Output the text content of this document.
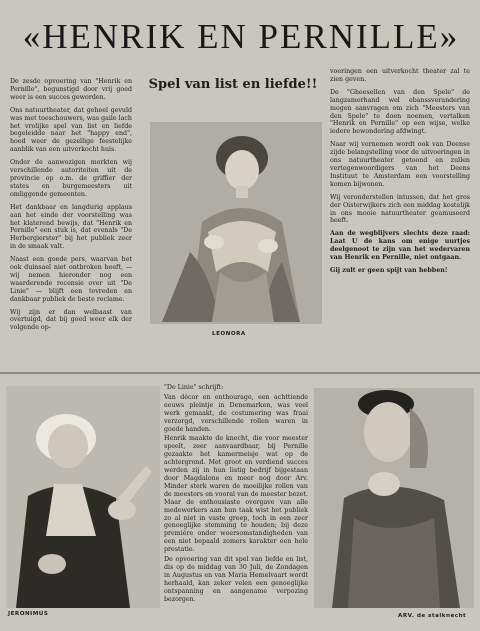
«HENRIK EN PERNILLE»

De zesde opvoering van "Henrik en Pernille", begunstigd door vrij goed weer is een succes geworden.

Ons natuurtheater, dat geheel gevuld was met toeschouwers, was gaile lach het vrolijke spel van list en liefde begeleidde naar het "happy end", hoed weer de gezellige feestelijke aanblik van een uitverkocht huis.

Onder de aanwezigen merkten wij verschillende autoriteiten uit de provincie op o.m. de griffier der states en burgemeesters uit omliggende gemeenten.

Het dankbaar en langdurig applaus aan het einde der voorstelling was het klaterend bewijs, dat "Henrik en Pernille" een stuk is, dat evenals "De Herbergierster" bij het publiek zeer in de smaak valt.

Naast een goede pers, waarvan het ook duinsael niet ontbroken heeft, — wij nemen hieronder nog een waarderende recensie over uit "De Linie" — blijft een tevreden en dankbaar publiek de beste reclame.

Wij zijn er dan welbaast van overtuigd, dat bij goed weer elk der volgende op-

Spel van list en liefde!!
LEONORA

voeringen een uitverkocht theater zal te zien geven.

De "Gheesellen van den Spele" de langzamerhand wel ebanssverandering mogen aanvragen om zich "Meesters van den Spele" te doen noemen, vertalken "Henrik en Pernille" op een wijse, welke iedere bewondering afdwingt.

Naar wij vernemen wordt ook van Deense zijde belangstelling voor de uitvoeringen in ons natuurtheater getoond en zullen vertegenwoordigers van het Deens Instituut te Amsterdam een voorstelling komen bijwonen.

Wij veronderstellen intussen, dat het gros der Oisterwijkers zich een middag kostelijk in ons mooie natuurtheater geamuseerd heeft.

Aan de wegblijvers slechts deze raad: Laat U de kans om enige uurtjes deelgenoot te zijn van het wedervaren van Henrik en Pernille, niet ontgaan.

Gij zult er geen spijt van hebben!

JERONIMUS

"De Linie" schrijft:

Van décor en enthourage, een achttiende eeuws pleintje in Denemarken, was veel werk gemaakt, de costumering was fraai verzorgd, verschillende rollen waren in goede handen.

Henrik maakte de knecht, die voor meester speelt, zeer aanvaardbaar, bij Pernille gezaakte het kamermeisje wat op de achtergrond. Met groot en verdiend succes werden zij in hun listig bedrijf bijgestaan door Magdalone en meer nog door Arv. Minder sterk waren de moeilijke rollen van de meesters en vooral van de meester bezet. Maar de enthousiaste overgave van alle medewerkers aan hun taak wist het publiek zo al niet in vaste greep, toch in een zeer genoeglijke stemming te houden; bij deze premiére onder weersomstandigheden van een niet bepaald zomers karakter een hele prestatie.

De opvoering van dit spel van liefde en list, dis op de middag van 30 Juli, de Zondagen in Augustus en van Maria Hemelvaart wordt herhaald, kan zeker velen een genoeglijke ontspanning en aangename verpozing bezorgen.

ARV. de stalknecht
